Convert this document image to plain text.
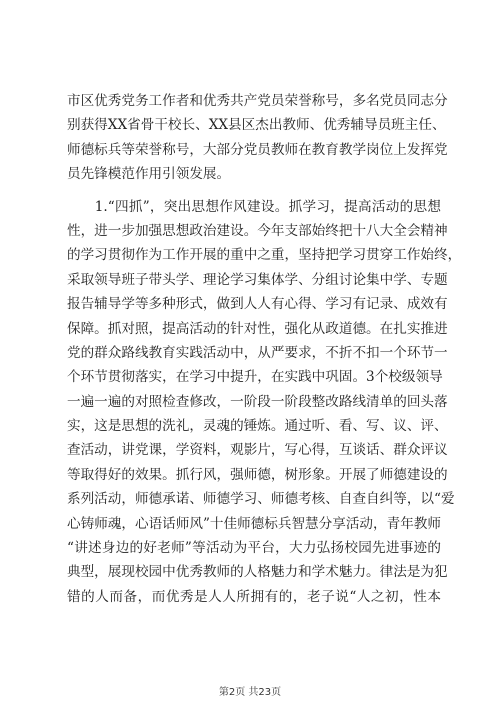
市区优秀党务工作者和优秀共产党员荣誉称号，多名党员同志分
别获得XX省骨干校长、XX县区杰出教师、优秀辅导员班主任、
师德标兵等荣誉称号，大部分党员教师在教育教学岗位上发挥党
员先锋模范作用引领发展。
　　1.“四抓”，突出思想作风建设。抓学习，提高活动的思想
性，进一步加强思想政治建设。今年支部始终把十八大全会精神
的学习贯彻作为工作开展的重中之重，坚持把学习贯穿工作始终，
采取领导班子带头学、理论学习集体学、分组讨论集中学、专题
报告辅导学等多种形式，做到人人有心得、学习有记录、成效有
保障。抓对照，提高活动的针对性，强化从政道德。在扎实推进
党的群众路线教育实践活动中，从严要求，不折不扣一个环节一
个环节贯彻落实，在学习中提升，在实践中巩固。3个校级领导
一遍一遍的对照检查修改，一阶段一阶段整改路线清单的回头落
实，这是思想的洗礼，灵魂的锤炼。通过听、看、写、议、评、
查活动，讲党课，学资料，观影片，写心得，互谈话、群众评议
等取得好的效果。抓行风，强师德，树形象。开展了师德建设的
系列活动，师德承诺、师德学习、师德考核、自查自纠等，以“爱
心铸师魂，心语话师风”十佳师德标兵智慧分享活动，青年教师
“讲述身边的好老师”等活动为平台，大力弘扬校园先进事迹的
典型，展现校园中优秀教师的人格魅力和学术魅力。律法是为犯
错的人而备，而优秀是人人所拥有的，老子说“人之初，性本
第2页 共23页
